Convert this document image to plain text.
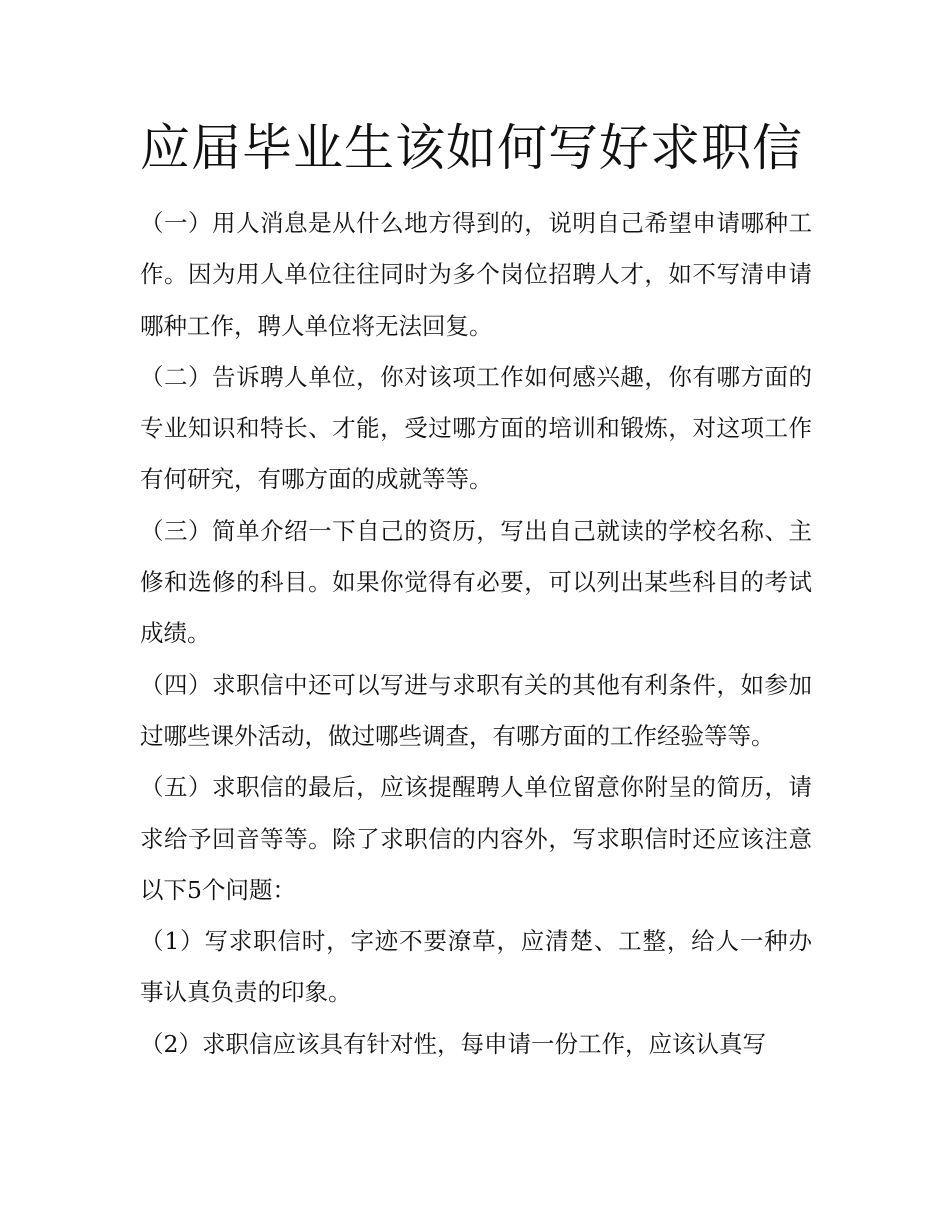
应届毕业生该如何写好求职信

（一）用人消息是从什么地方得到的，说明自己希望申请哪种工作。因为用人单位往往同时为多个岗位招聘人才，如不写清申请哪种工作，聘人单位将无法回复。

（二）告诉聘人单位，你对该项工作如何感兴趣，你有哪方面的专业知识和特长、才能，受过哪方面的培训和锻炼，对这项工作有何研究，有哪方面的成就等等。

（三）简单介绍一下自己的资历，写出自己就读的学校名称、主修和选修的科目。如果你觉得有必要，可以列出某些科目的考试成绩。

（四）求职信中还可以写进与求职有关的其他有利条件，如参加过哪些课外活动，做过哪些调查，有哪方面的工作经验等等。

（五）求职信的最后，应该提醒聘人单位留意你附呈的简历，请求给予回音等等。除了求职信的内容外，写求职信时还应该注意以下5个问题：

（1）写求职信时，字迹不要潦草，应清楚、工整，给人一种办事认真负责的印象。

（2）求职信应该具有针对性，每申请一份工作，应该认真写
